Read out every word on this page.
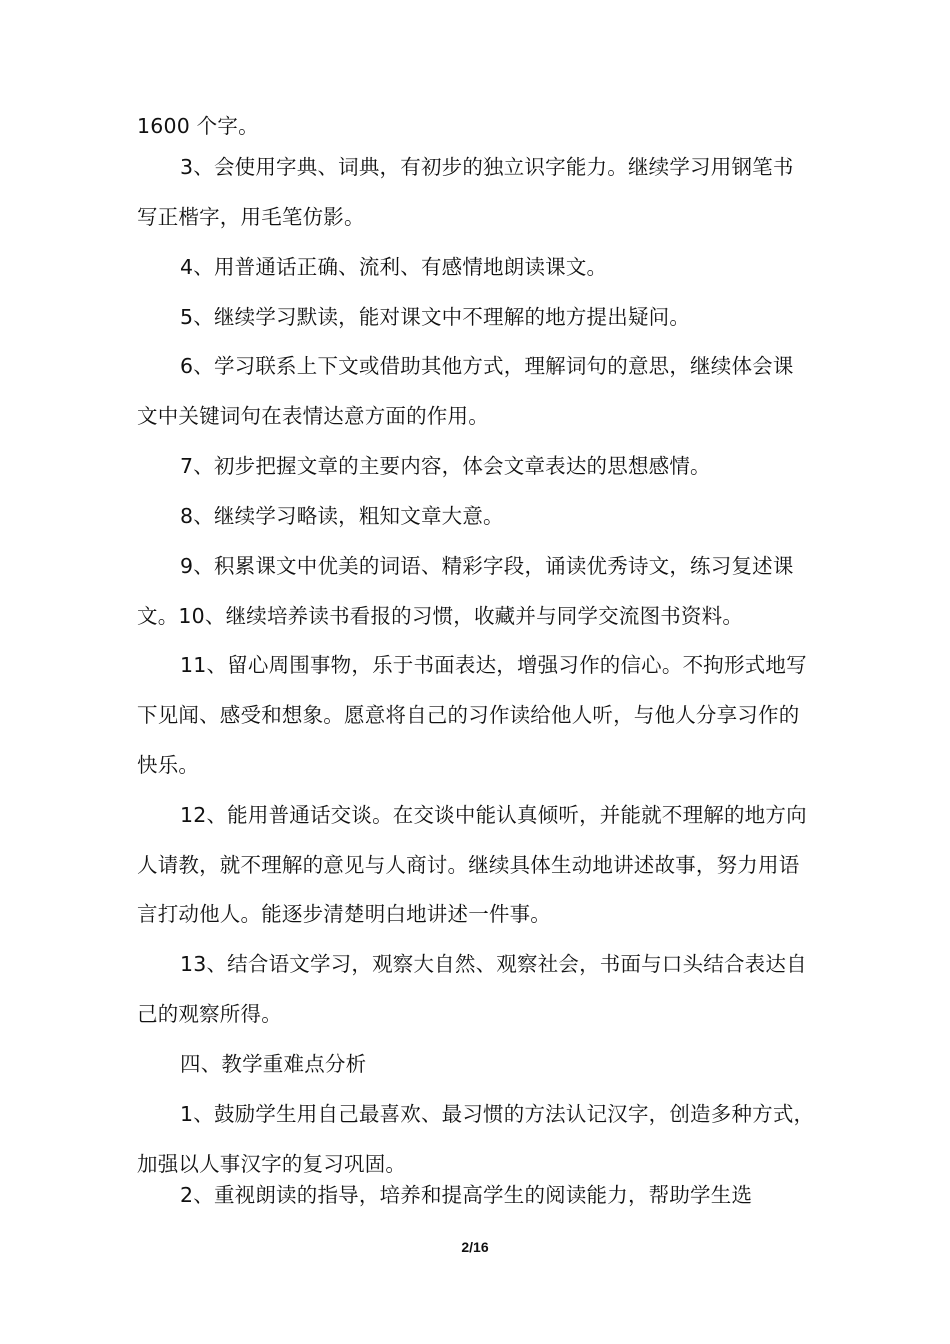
1600 个字。
3、会使用字典、词典，有初步的独立识字能力。继续学习用钢笔书
写正楷字，用毛笔仿影。
4、用普通话正确、流利、有感情地朗读课文。
5、继续学习默读，能对课文中不理解的地方提出疑问。
6、学习联系上下文或借助其他方式，理解词句的意思，继续体会课
文中关键词句在表情达意方面的作用。
7、初步把握文章的主要内容，体会文章表达的思想感情。
8、继续学习略读，粗知文章大意。
9、积累课文中优美的词语、精彩字段，诵读优秀诗文，练习复述课
文。10、继续培养读书看报的习惯，收藏并与同学交流图书资料。
11、留心周围事物，乐于书面表达，增强习作的信心。不拘形式地写
下见闻、感受和想象。愿意将自己的习作读给他人听，与他人分享习作的
快乐。
12、能用普通话交谈。在交谈中能认真倾听，并能就不理解的地方向
人请教，就不理解的意见与人商讨。继续具体生动地讲述故事，努力用语
言打动他人。能逐步清楚明白地讲述一件事。
13、结合语文学习，观察大自然、观察社会，书面与口头结合表达自
己的观察所得。
四、教学重难点分析
1、鼓励学生用自己最喜欢、最习惯的方法认记汉字，创造多种方式，
加强以人事汉字的复习巩固。
2、重视朗读的指导，培养和提高学生的阅读能力，帮助学生选
2/16
